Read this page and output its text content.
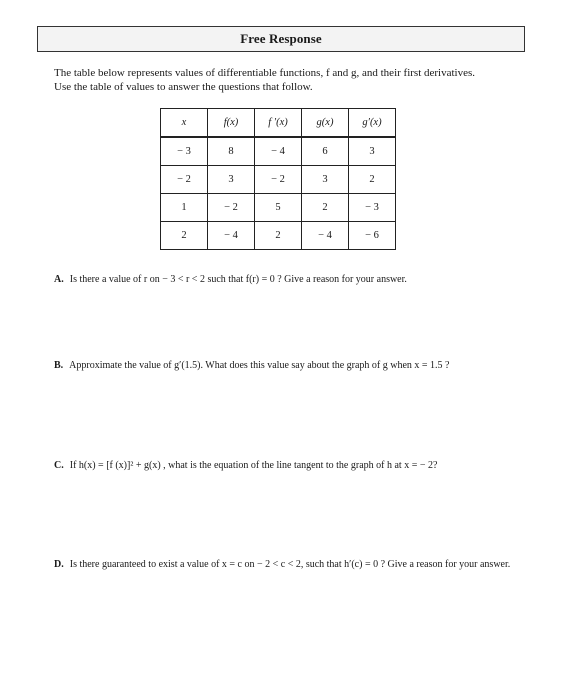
Free Response
The table below represents values of differentiable functions, f and g, and their first derivatives.
Use the table of values to answer the questions that follow.
x	f(x)	f ′(x)	g(x)	g′(x)
− 3	8	− 4	6	3
− 2	3	− 2	3	2
1	− 2	5	2	− 3
2	− 4	2	− 4	− 6
A. Is there a value of r on − 3 < r < 2 such that f(r) = 0 ? Give a reason for your answer.
B. Approximate the value of g′(1.5). What does this value say about the graph of g when x = 1.5 ?
C. If h(x) = [f (x)]² + g(x) , what is the equation of the line tangent to the graph of h at x = − 2?
D. Is there guaranteed to exist a value of x = c on − 2 < c < 2, such that h′(c) = 0 ? Give a reason for your answer.
